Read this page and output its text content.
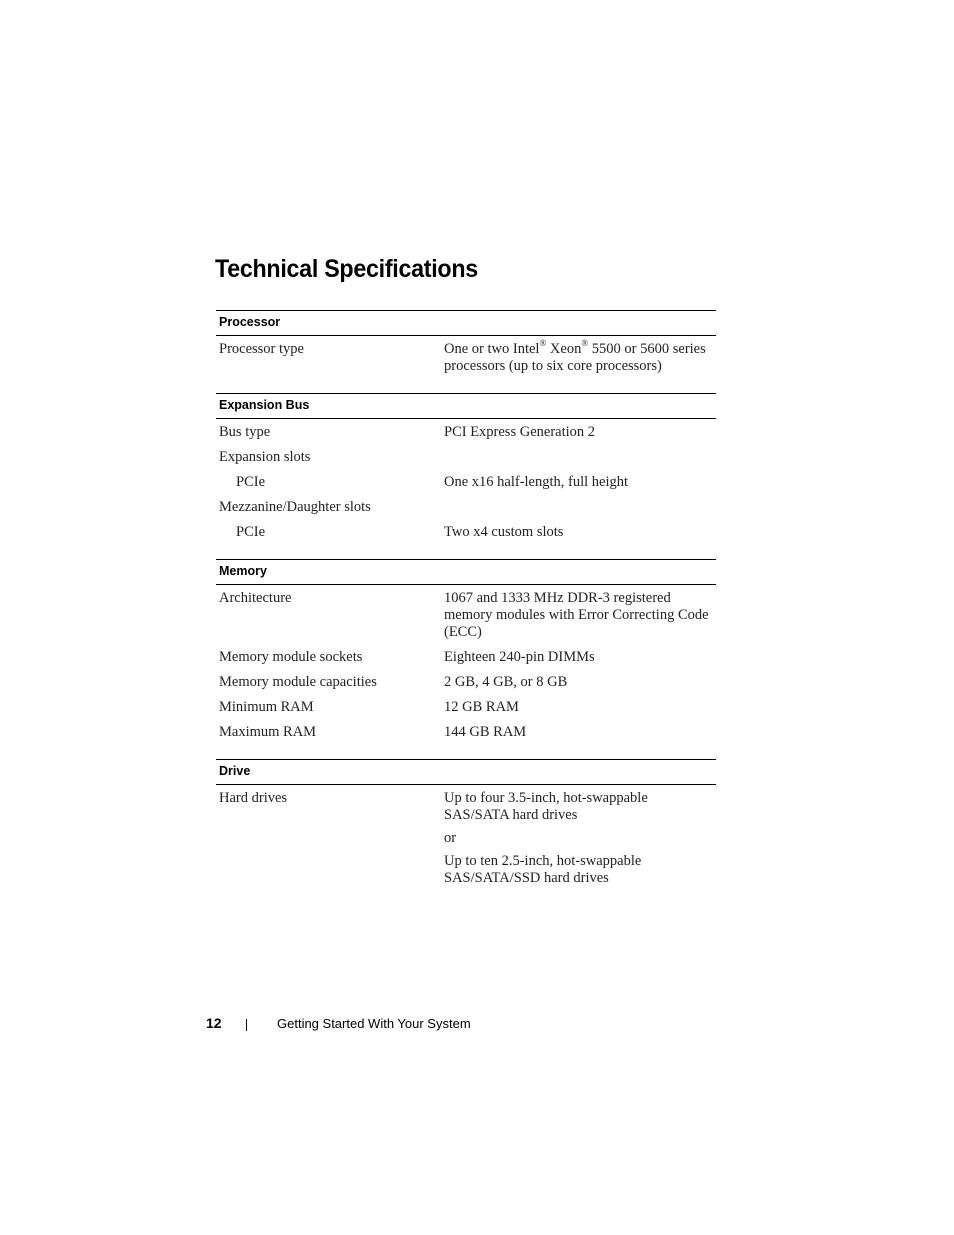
Technical Specifications
Processor
Processor type	One or two Intel® Xeon® 5500 or 5600 series processors (up to six core processors)
Expansion Bus
Bus type	PCI Express Generation 2
Expansion slots
PCIe	One x16 half-length, full height
Mezzanine/Daughter slots
PCIe	Two x4 custom slots
Memory
Architecture	1067 and 1333 MHz DDR-3 registered memory modules with Error Correcting Code (ECC)
Memory module sockets	Eighteen 240-pin DIMMs
Memory module capacities	2 GB, 4 GB, or 8 GB
Minimum RAM	12 GB RAM
Maximum RAM	144 GB RAM
Drive
Hard drives	Up to four 3.5-inch, hot-swappable SAS/SATA hard drives

or

Up to ten 2.5-inch, hot-swappable SAS/SATA/SSD hard drives

12	Getting Started With Your System
